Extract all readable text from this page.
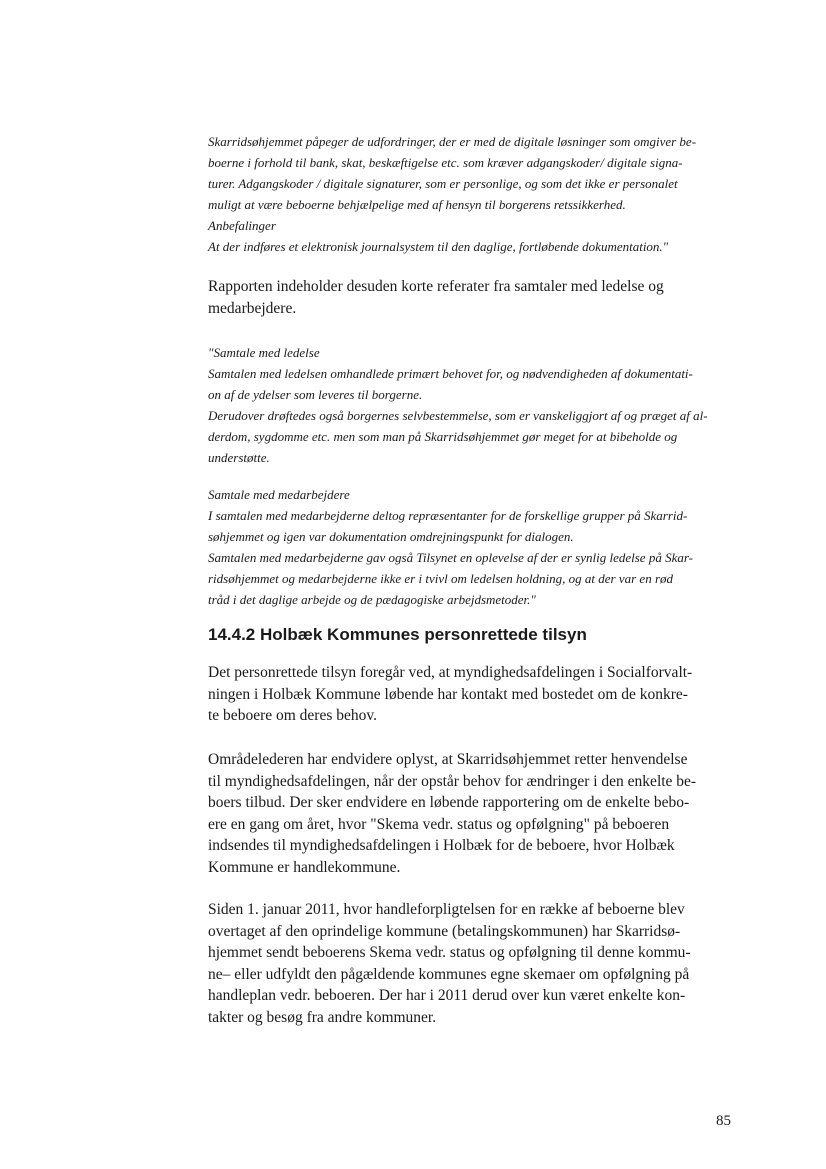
Skarridsøhjemmet påpeger de udfordringer, der er med de digitale løsninger som omgiver be-
boerne i forhold til bank, skat, beskæftigelse etc. som kræver adgangskoder/ digitale signa-
turer. Adgangskoder / digitale signaturer, som er personlige, og som det ikke er personalet
muligt at være beboerne behjælpelige med af hensyn til borgerens retssikkerhed.
Anbefalinger
At der indføres et elektronisk journalsystem til den daglige, fortløbende dokumentation."
Rapporten indeholder desuden korte referater fra samtaler med ledelse og
medarbejdere.
"Samtale med ledelse
Samtalen med ledelsen omhandlede primært behovet for, og nødvendigheden af dokumentati-
on af de ydelser som leveres til borgerne.
Derudover drøftedes også borgernes selvbestemmelse, som er vanskeliggjort af og præget af al-
derdom, sygdomme etc. men som man på Skarridsøhjemmet gør meget for at bibeholde og
understøtte.
Samtale med medarbejdere
I samtalen med medarbejderne deltog repræsentanter for de forskellige grupper på Skarrid-
søhjemmet og igen var dokumentation omdrejningspunkt for dialogen.
Samtalen med medarbejderne gav også Tilsynet en oplevelse af der er synlig ledelse på Skar-
ridsøhjemmet og medarbejderne ikke er i tvivl om ledelsen holdning, og at der var en rød
tråd i det daglige arbejde og de pædagogiske arbejdsmetoder."
14.4.2 Holbæk Kommunes personrettede tilsyn
Det personrettede tilsyn foregår ved, at myndighedsafdelingen i Socialforvalt-
ningen i Holbæk Kommune løbende har kontakt med bostedet om de konkre-
te beboere om deres behov.
Områdelederen har endvidere oplyst, at Skarridsøhjemmet retter henvendelse
til myndighedsafdelingen, når der opstår behov for ændringer i den enkelte be-
boers tilbud. Der sker endvidere en løbende rapportering om de enkelte bebo-
ere en gang om året, hvor "Skema vedr. status og opfølgning" på beboeren
indsendes til myndighedsafdelingen i Holbæk for de beboere, hvor Holbæk
Kommune er handlekommune.
Siden 1. januar 2011, hvor handleforpligtelsen for en række af beboerne blev
overtaget af den oprindelige kommune (betalingskommunen) har Skarridsø-
hjemmet sendt beboerens Skema vedr. status og opfølgning til denne kommu-
ne– eller udfyldt den pågældende kommunes egne skemaer om opfølgning på
handleplan vedr. beboeren. Der har i 2011 derud over kun været enkelte kon-
takter og besøg fra andre kommuner.
85
